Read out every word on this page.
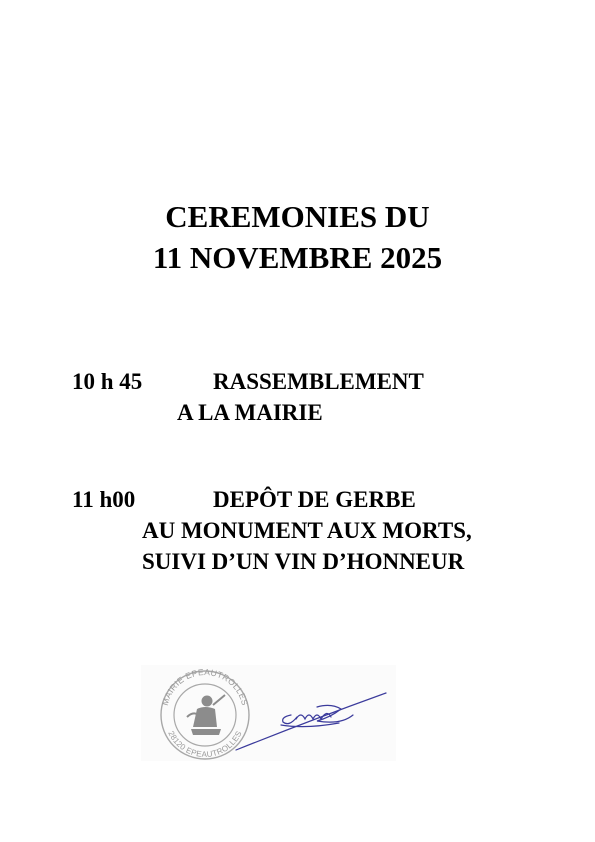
CEREMONIES DU
11 NOVEMBRE 2025
10 h 45	RASSEMBLEMENT
A LA MAIRIE
11 h00	DEPÔT DE GERBE
AU MONUMENT AUX MORTS,
SUIVI D’UN VIN D’HONNEUR
MAIRIE EPEAUTROLLES
28120 EPEAUTROLLES
